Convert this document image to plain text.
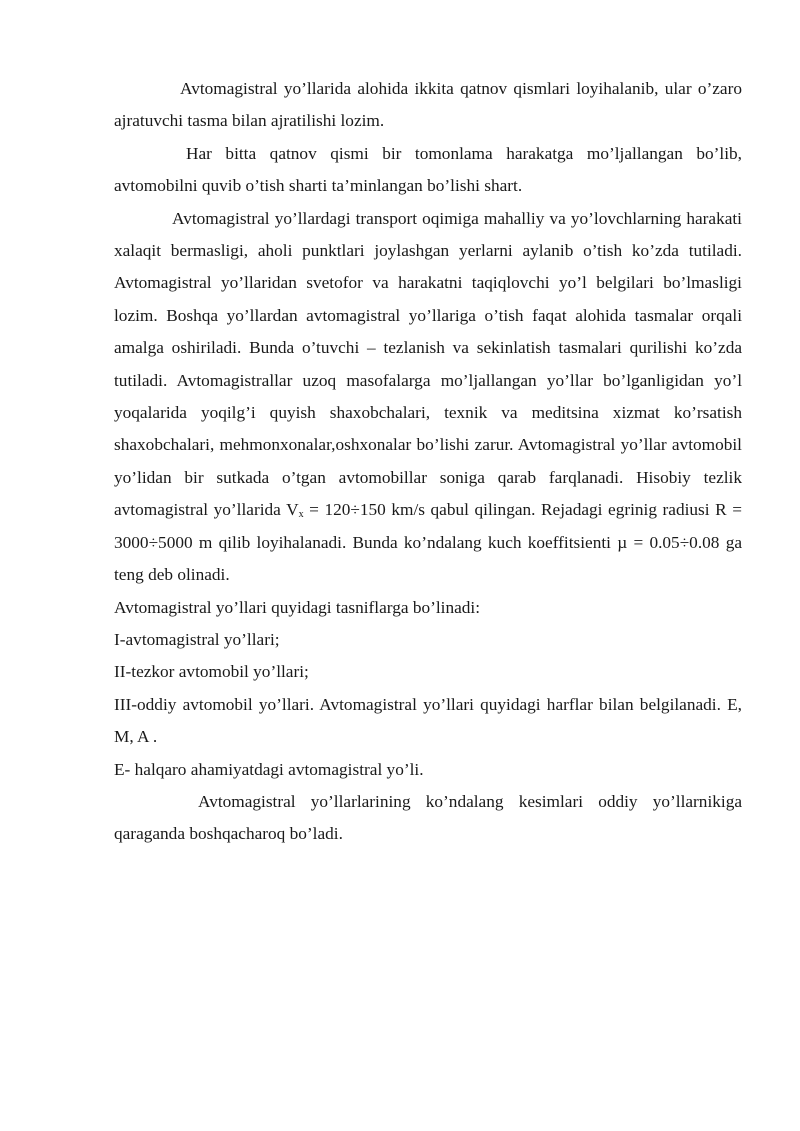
Avtomagistral yo’llarida alohida ikkita qatnov qismlari loyihalanib, ular o’zaro ajratuvchi tasma bilan ajratilishi lozim.

Har bitta qatnov qismi bir tomonlama harakatga mo’ljallangan bo’lib, avtomobilni quvib o’tish sharti ta’minlangan bo’lishi shart.

Avtomagistral yo’llardagi transport oqimiga mahalliy va yo’lovchlarning harakati xalaqit bermasligi, aholi punktlari joylashgan yerlarni aylanib o’tish ko’zda tutiladi. Avtomagistral yo’llaridan svetofor va harakatni taqiqlovchi yo’l belgilari bo’lmasligi lozim. Boshqa yo’llardan avtomagistral yo’llariga o’tish faqat alohida tasmalar orqali amalga oshiriladi. Bunda o’tuvchi – tezlanish va sekinlatish tasmalari qurilishi ko’zda tutiladi. Avtomagistrallar uzoq masofalarga mo’ljallangan yo’llar bo’lganligidan yo’l yoqalarida yoqilg’i quyish shaxobchalari, texnik va meditsina xizmat ko’rsatish shaxobchalari, mehmonxonalar,oshxonalar bo’lishi zarur. Avtomagistral yo’llar avtomobil yo’lidan bir sutkada o’tgan avtomobillar soniga qarab farqlanadi. Hisobiy tezlik avtomagistral yo’llarida $V_x = 120\div 150$ km/s qabul qilingan. Rejadagi egrinig radiusi R = 3000÷5000 m qilib loyihalanadi. Bunda ko’ndalang kuch koeffitsienti µ = 0.05÷0.08 ga teng deb olinadi.

Avtomagistral yo’llari quyidagi tasniflarga bo’linadi:

I-avtomagistral yo’llari;

II-tezkor avtomobil yo’llari;

III-oddiy avtomobil yo’llari. Avtomagistral yo’llari quyidagi harflar bilan belgilanadi. E, M, A .

E- halqaro ahamiyatdagi avtomagistral yo’li.

Avtomagistral yo’llarlarining ko’ndalang kesimlari oddiy yo’llarnikiga qaraganda boshqacharoq bo’ladi.
